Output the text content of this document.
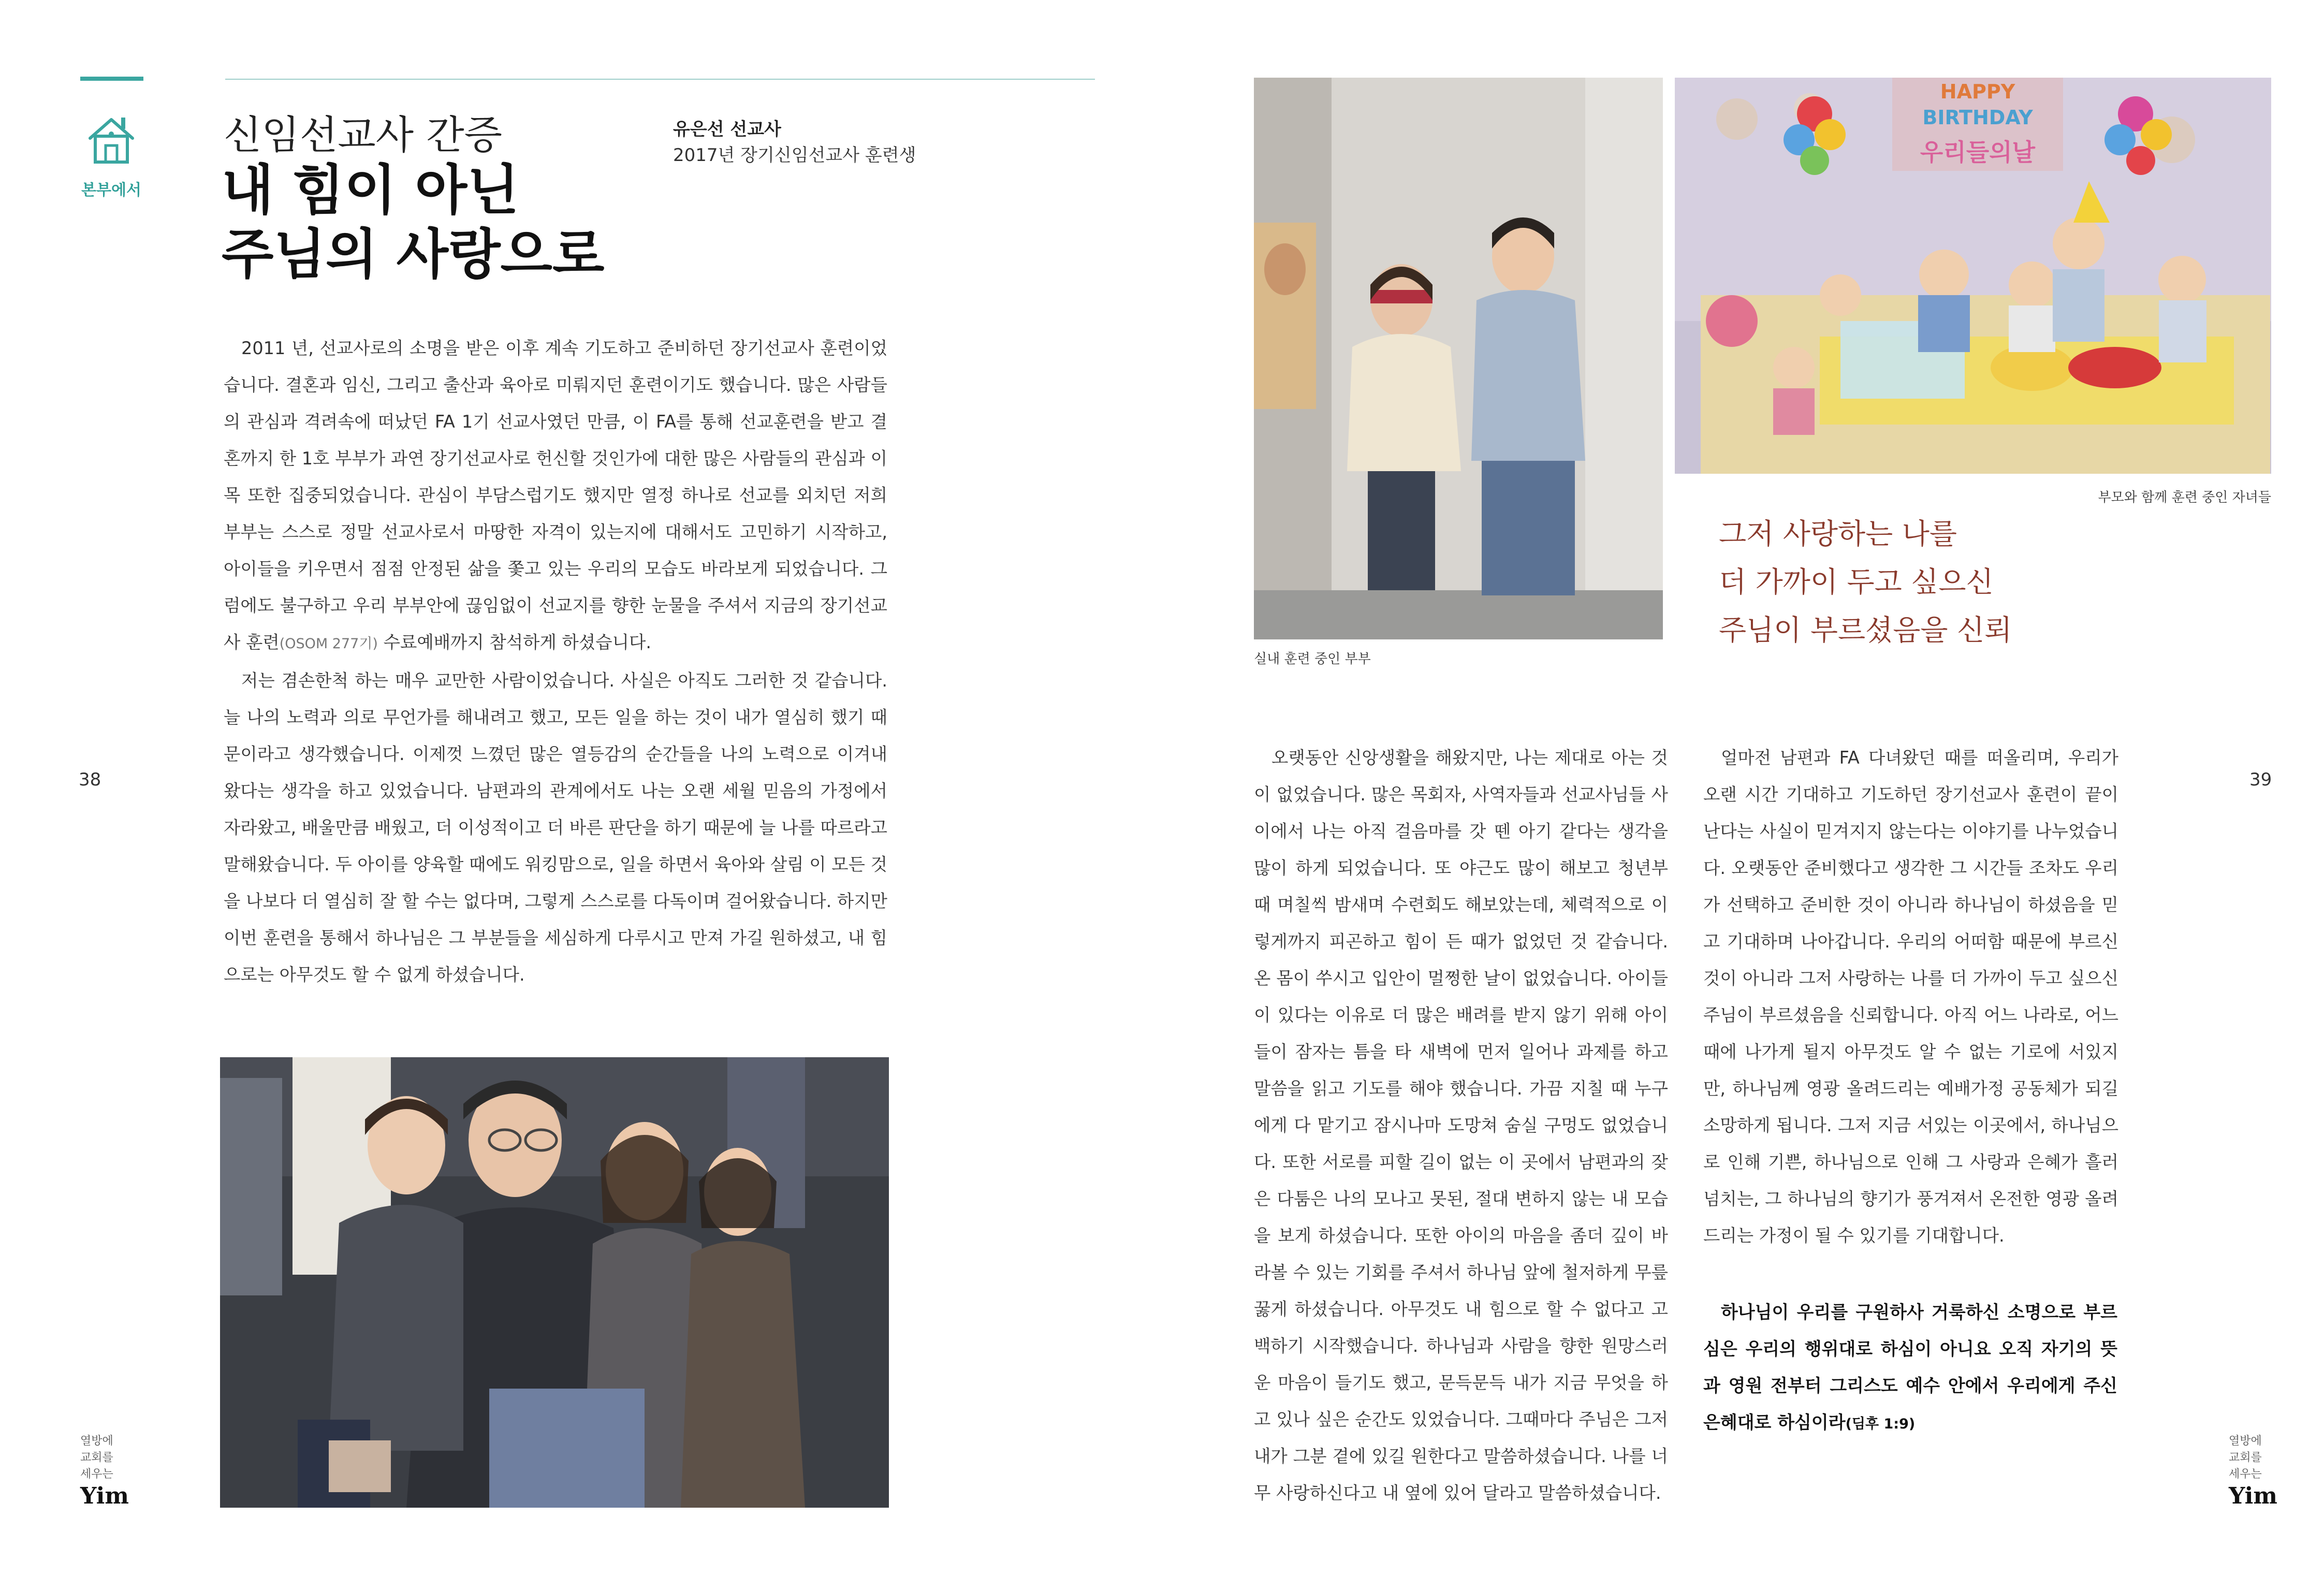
본부에서
신임선교사 간증
내 힘이 아닌
주님의 사랑으로
유은선 선교사
2017년 장기신임선교사 훈련생

2011 년, 선교사로의 소명을 받은 이후 계속 기도하고 준비하던 장기선교사 훈련이었습니다. 결혼과 임신, 그리고 출산과 육아로 미뤄지던 훈련이기도 했습니다. 많은 사람들의 관심과 격려속에 떠났던 FA 1기 선교사였던 만큼, 이 FA를 통해 선교훈련을 받고 결혼까지 한 1호 부부가 과연 장기선교사로 헌신할 것인가에 대한 많은 사람들의 관심과 이목 또한 집중되었습니다. 관심이 부담스럽기도 했지만 열정 하나로 선교를 외치던 저희 부부는 스스로 정말 선교사로서 마땅한 자격이 있는지에 대해서도 고민하기 시작하고, 아이들을 키우면서 점점 안정된 삶을 쫓고 있는 우리의 모습도 바라보게 되었습니다. 그럼에도 불구하고 우리 부부안에 끊임없이 선교지를 향한 눈물을 주셔서 지금의 장기선교사 훈련(OSOM 277기) 수료예배까지 참석하게 하셨습니다.

저는 겸손한척 하는 매우 교만한 사람이었습니다. 사실은 아직도 그러한 것 같습니다. 늘 나의 노력과 의로 무언가를 해내려고 했고, 모든 일을 하는 것이 내가 열심히 했기 때문이라고 생각했습니다. 이제껏 느꼈던 많은 열등감의 순간들을 나의 노력으로 이겨내 왔다는 생각을 하고 있었습니다. 남편과의 관계에서도 나는 오랜 세월 믿음의 가정에서 자라왔고, 배울만큼 배웠고, 더 이성적이고 더 바른 판단을 하기 때문에 늘 나를 따르라고 말해왔습니다. 두 아이를 양육할 때에도 워킹맘으로, 일을 하면서 육아와 살림 이 모든 것을 나보다 더 열심히 잘 할 수는 없다며, 그렇게 스스로를 다독이며 걸어왔습니다. 하지만 이번 훈련을 통해서 하나님은 그 부분들을 세심하게 다루시고 만져 가길 원하셨고, 내 힘으로는 아무것도 할 수 없게 하셨습니다.

HAPPY
BIRTHDAY
우리들의날
실내 훈련 중인 부부
부모와 함께 훈련 중인 자녀들
그저 사랑하는 나를
더 가까이 두고 싶으신
주님이 부르셨음을 신뢰

오랫동안 신앙생활을 해왔지만, 나는 제대로 아는 것이 없었습니다. 많은 목회자, 사역자들과 선교사님들 사이에서 나는 아직 걸음마를 갓 뗀 아기 같다는 생각을 많이 하게 되었습니다. 또 야근도 많이 해보고 청년부 때 며칠씩 밤새며 수련회도 해보았는데, 체력적으로 이렇게까지 피곤하고 힘이 든 때가 없었던 것 같습니다. 온 몸이 쑤시고 입안이 멀쩡한 날이 없었습니다. 아이들이 있다는 이유로 더 많은 배려를 받지 않기 위해 아이들이 잠자는 틈을 타 새벽에 먼저 일어나 과제를 하고 말씀을 읽고 기도를 해야 했습니다. 가끔 지칠 때 누구에게 다 맡기고 잠시나마 도망쳐 숨실 구멍도 없었습니다. 또한 서로를 피할 길이 없는 이 곳에서 남편과의 잦은 다툼은 나의 모나고 못된, 절대 변하지 않는 내 모습을 보게 하셨습니다. 또한 아이의 마음을 좀더 깊이 바라볼 수 있는 기회를 주셔서 하나님 앞에 철저하게 무릎 꿇게 하셨습니다. 아무것도 내 힘으로 할 수 없다고 고백하기 시작했습니다. 하나님과 사람을 향한 원망스러운 마음이 들기도 했고, 문득문득 내가 지금 무엇을 하고 있나 싶은 순간도 있었습니다. 그때마다 주님은 그저 내가 그분 곁에 있길 원한다고 말씀하셨습니다. 나를 너무 사랑하신다고 내 옆에 있어 달라고 말씀하셨습니다.

얼마전 남편과 FA 다녀왔던 때를 떠올리며, 우리가 오랜 시간 기대하고 기도하던 장기선교사 훈련이 끝이 난다는 사실이 믿겨지지 않는다는 이야기를 나누었습니다. 오랫동안 준비했다고 생각한 그 시간들 조차도 우리가 선택하고 준비한 것이 아니라 하나님이 하셨음을 믿고 기대하며 나아갑니다. 우리의 어떠함 때문에 부르신 것이 아니라 그저 사랑하는 나를 더 가까이 두고 싶으신 주님이 부르셨음을 신뢰합니다. 아직 어느 나라로, 어느때에 나가게 될지 아무것도 알 수 없는 기로에 서있지만, 하나님께 영광 올려드리는 예배가정 공동체가 되길 소망하게 됩니다. 그저 지금 서있는 이곳에서, 하나님으로 인해 기쁜, 하나님으로 인해 그 사랑과 은혜가 흘러 넘치는, 그 하나님의 향기가 풍겨져서 온전한 영광 올려드리는 가정이 될 수 있기를 기대합니다.

하나님이 우리를 구원하사 거룩하신 소명으로 부르심은 우리의 행위대로 하심이 아니요 오직 자기의 뜻과 영원 전부터 그리스도 예수 안에서 우리에게 주신 은혜대로 하심이라(딤후 1:9)

38	39
열방에
교회를
세우는
Yim
열방에
교회를
세우는
Yim
